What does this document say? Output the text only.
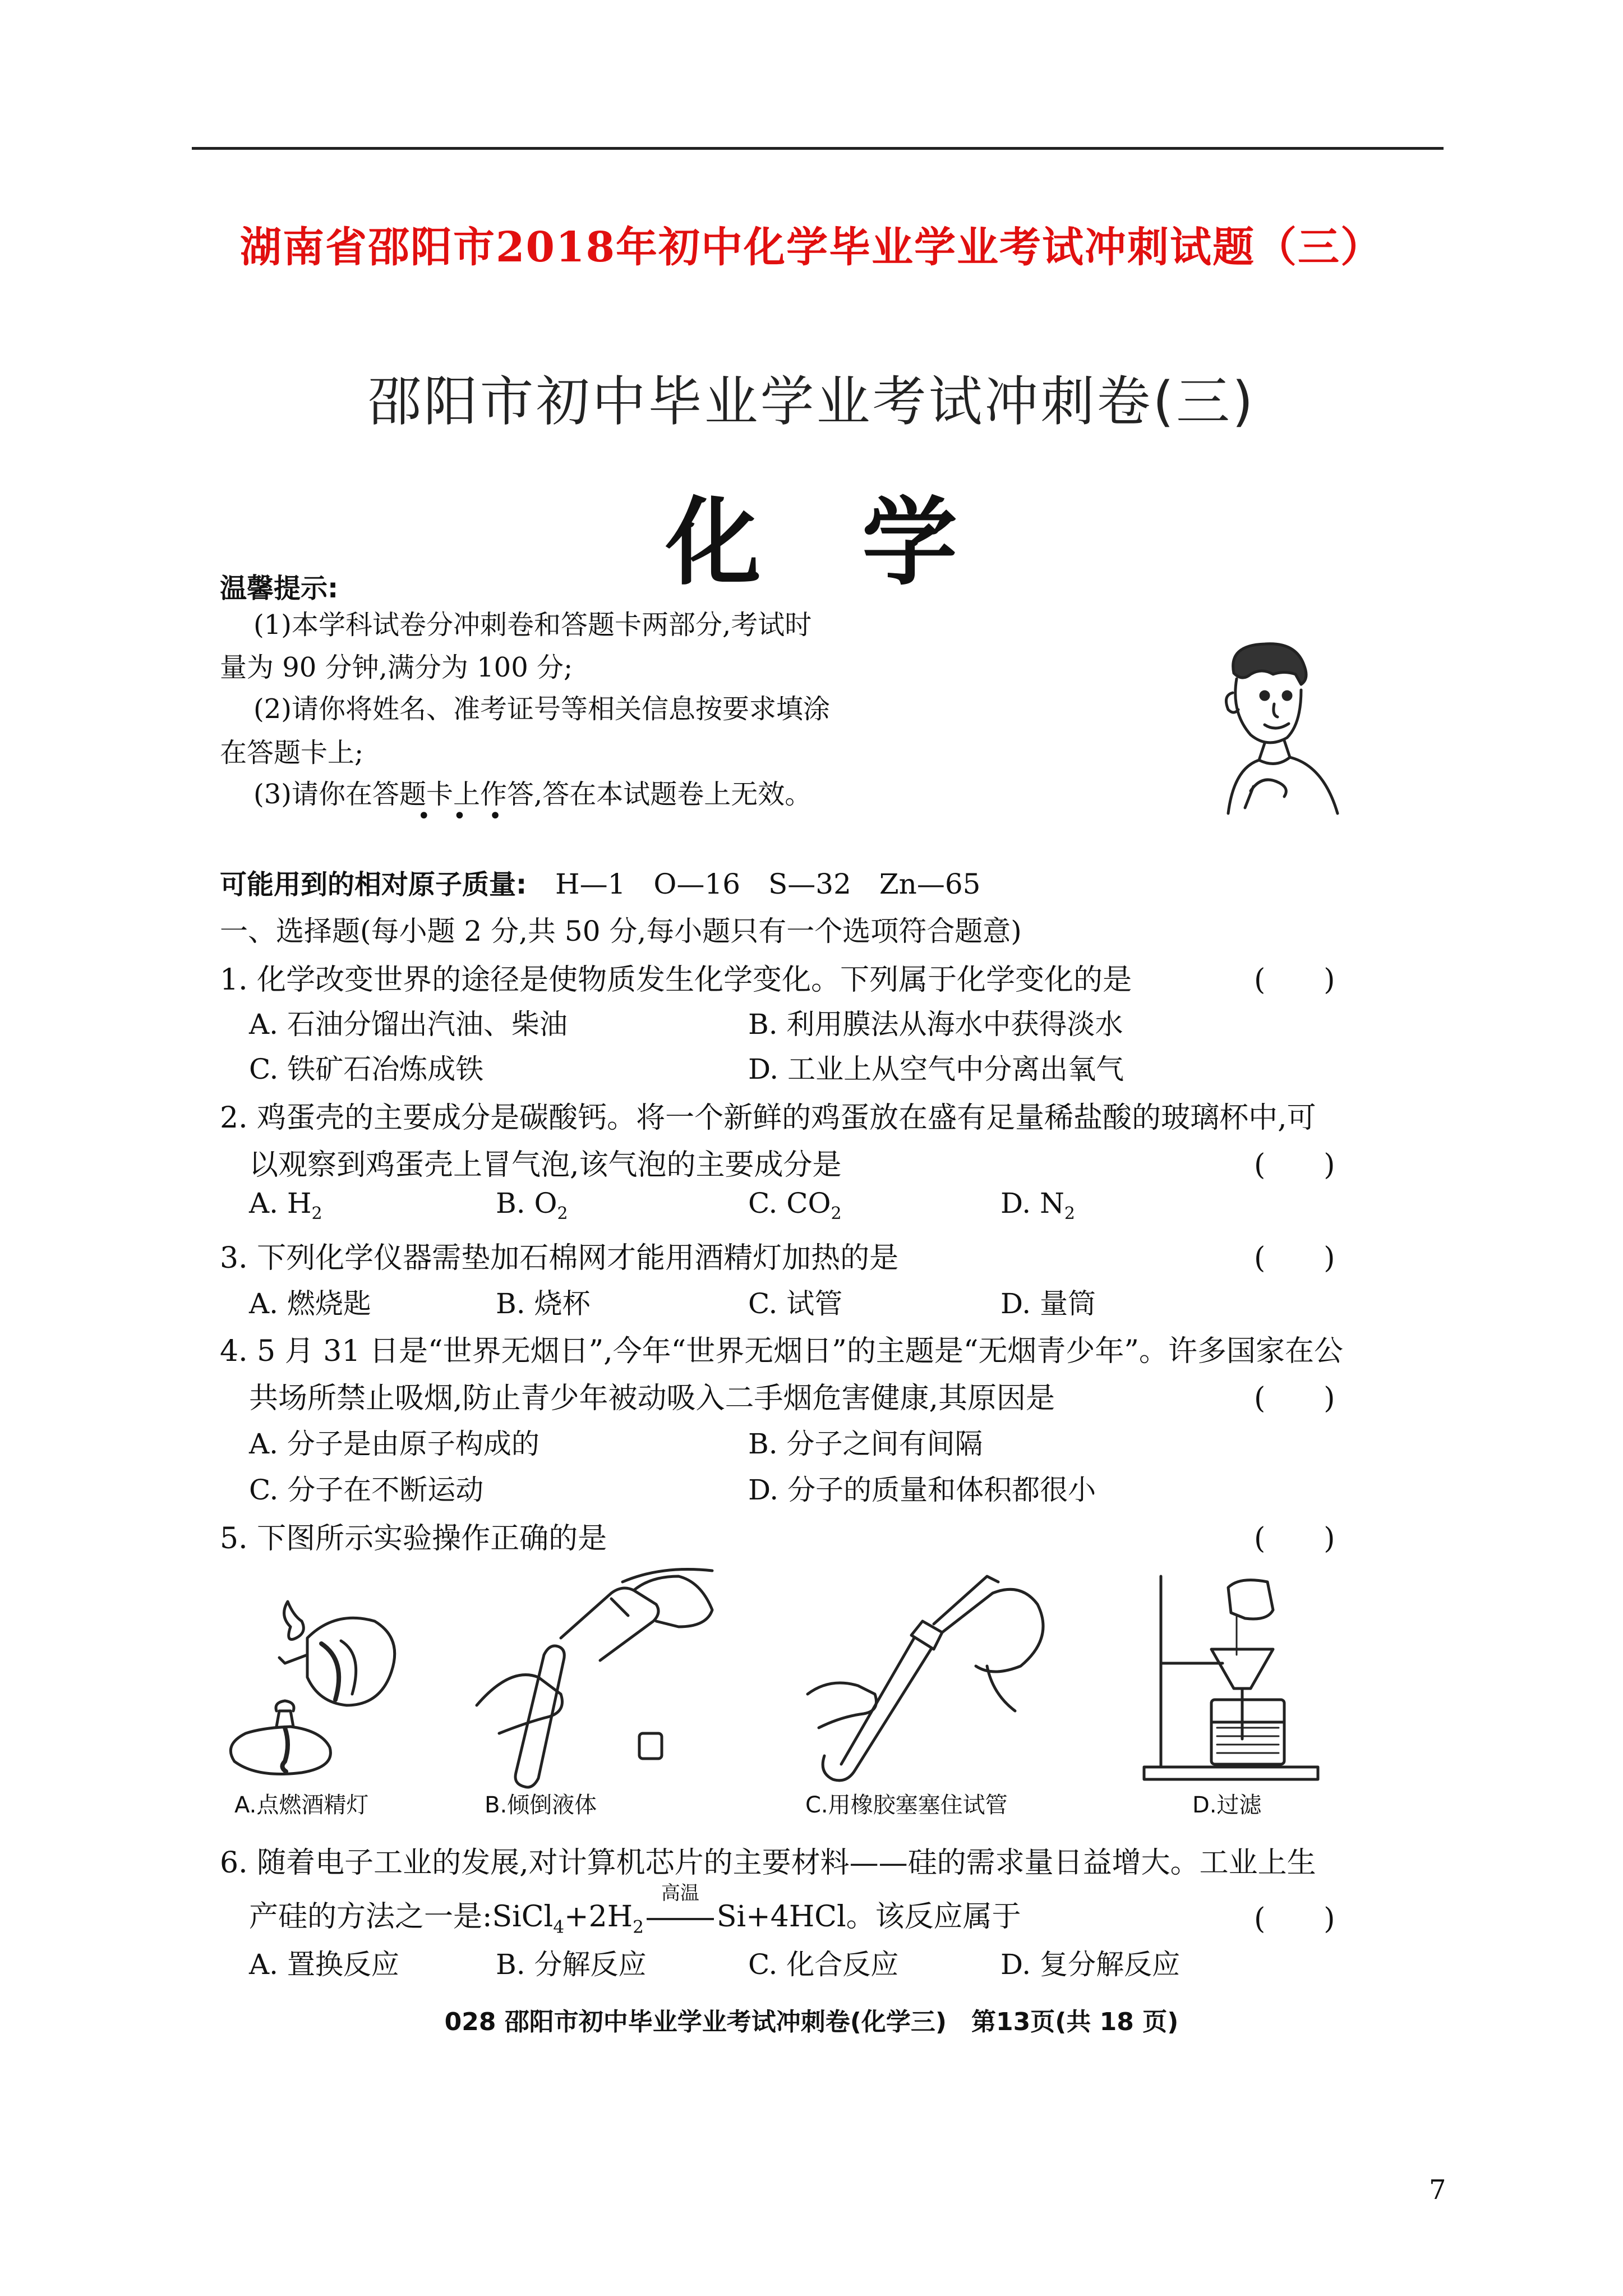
湖南省邵阳市2018年初中化学毕业学业考试冲刺试题（三）
邵阳市初中毕业学业考试冲刺卷(三)
化学
温馨提示:
(1)本学科试卷分冲刺卷和答题卡两部分,考试时
量为 90 分钟,满分为 100 分;
(2)请你将姓名、准考证号等相关信息按要求填涂
在答题卡上;
(3)请你在答题卡上作答,答在本试题卷上无效。
•••
可能用到的相对原子质量: H—1　O—16　S—32　Zn—65
一、选择题(每小题 2 分,共 50 分,每小题只有一个选项符合题意)
1. 化学改变世界的途径是使物质发生化学变化。下列属于化学变化的是	(　　)
A. 石油分馏出汽油、柴油	B. 利用膜法从海水中获得淡水
C. 铁矿石冶炼成铁	D. 工业上从空气中分离出氧气
2. 鸡蛋壳的主要成分是碳酸钙。将一个新鲜的鸡蛋放在盛有足量稀盐酸的玻璃杯中,可
以观察到鸡蛋壳上冒气泡,该气泡的主要成分是	(　　)
A. $H_2$	B. $O_2$	C. $CO_2$	D. $N_2$
3. 下列化学仪器需垫加石棉网才能用酒精灯加热的是	(　　)
A. 燃烧匙	B. 烧杯	C. 试管	D. 量筒
4. 5 月 31 日是“世界无烟日”,今年“世界无烟日”的主题是“无烟青少年”。许多国家在公
共场所禁止吸烟,防止青少年被动吸入二手烟危害健康,其原因是	(　　)
A. 分子是由原子构成的	B. 分子之间有间隔
C. 分子在不断运动	D. 分子的质量和体积都很小
5. 下图所示实验操作正确的是	(　　)
A.点燃酒精灯	B.倾倒液体	C.用橡胶塞塞住试管	D.过滤
6. 随着电子工业的发展,对计算机芯片的主要材料——硅的需求量日益增大。工业上生
产硅的方法之一是$:SiCl_4+2H_2$
高温
Si+4HCl。该反应属于	(　　)
A. 置换反应	B. 分解反应	C. 化合反应	D. 复分解反应
028 邵阳市初中毕业学业考试冲刺卷(化学三)　第13页(共 18 页)
7
